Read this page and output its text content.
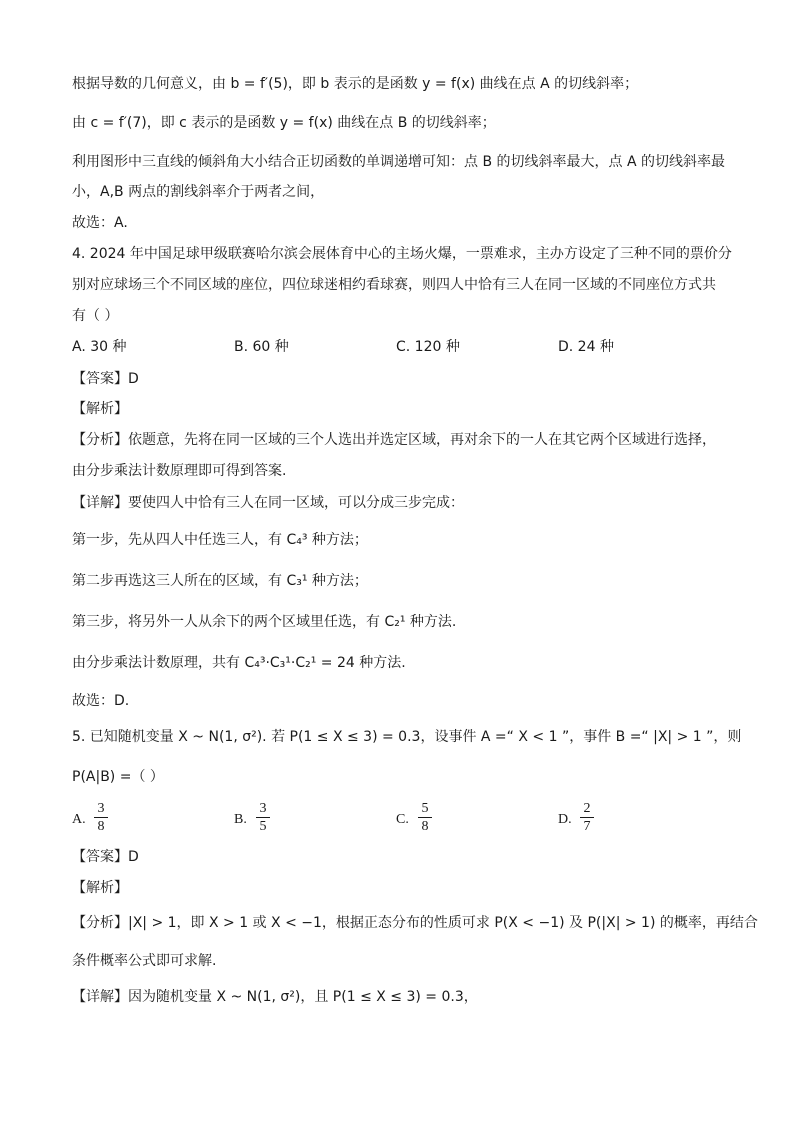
根据导数的几何意义，由 b = f′(5)，即 b 表示的是函数 y = f(x) 曲线在点 A 的切线斜率；
由 c = f′(7)，即 c 表示的是函数 y = f(x) 曲线在点 B 的切线斜率；
利用图形中三直线的倾斜角大小结合正切函数的单调递增可知：点 B 的切线斜率最大，点 A 的切线斜率最
小，A,B 两点的割线斜率介于两者之间，
故选：A.
4. 2024 年中国足球甲级联赛哈尔滨会展体育中心的主场火爆，一票难求，主办方设定了三种不同的票价分
别对应球场三个不同区域的座位，四位球迷相约看球赛，则四人中恰有三人在同一区域的不同座位方式共
有（ ）
A. 30 种	B. 60 种	C. 120 种	D. 24 种
【答案】D
【解析】
【分析】依题意，先将在同一区域的三个人选出并选定区域，再对余下的一人在其它两个区域进行选择，
由分步乘法计数原理即可得到答案.
【详解】要使四人中恰有三人在同一区域，可以分成三步完成：
第一步，先从四人中任选三人，有 C₄³ 种方法；
第二步再选这三人所在的区域，有 C₃¹ 种方法；
第三步，将另外一人从余下的两个区域里任选，有 C₂¹ 种方法.
由分步乘法计数原理，共有 C₄³·C₃¹·C₂¹ = 24 种方法.
故选：D.
5. 已知随机变量 X ~ N(1, σ²). 若 P(1 ≤ X ≤ 3) = 0.3，设事件 A =“ X < 1 ”，事件 B =“ |X| > 1 ”，则
P(A|B) =（ ）
A.
3
8	B.
3
5	C.
5
8	D.
2
7
【答案】D
【解析】
【分析】|X| > 1，即 X > 1 或 X < −1，根据正态分布的性质可求 P(X < −1) 及 P(|X| > 1) 的概率，再结合
条件概率公式即可求解.
【详解】因为随机变量 X ~ N(1, σ²)，且 P(1 ≤ X ≤ 3) = 0.3，
